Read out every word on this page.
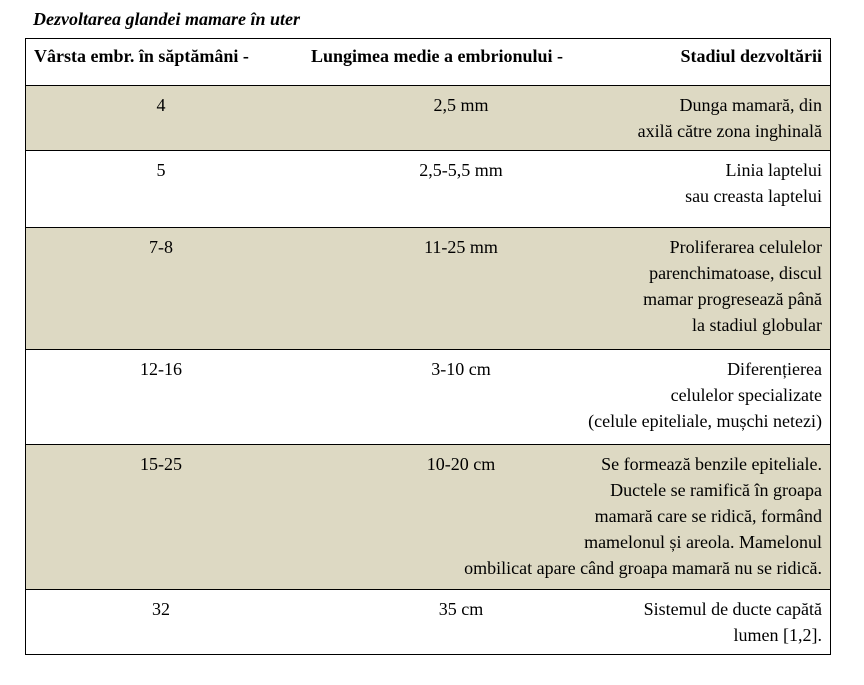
Dezvoltarea glandei mamare în uter
Vârsta embr. în săptămâni -	Lungimea medie a embrionului -	Stadiul dezvoltării
4	2,5 mm	Dunga mamară, din
axilă către zona inghinală
5	2,5-5,5 mm	Linia laptelui
sau creasta laptelui
7-8	11-25 mm	Proliferarea celulelor
parenchimatoase, discul
mamar progresează până
la stadiul globular
12-16	3-10 cm	Diferențierea
celulelor specializate
(celule epiteliale, mușchi netezi)
15-25	10-20 cm	Se formează benzile epiteliale.
Ductele se ramifică în groapa
mamară care se ridică, formând
mamelonul și areola. Mamelonul
ombilicat apare când groapa mamară nu se ridică.
32	35 cm	Sistemul de ducte capătă
lumen [1,2].
